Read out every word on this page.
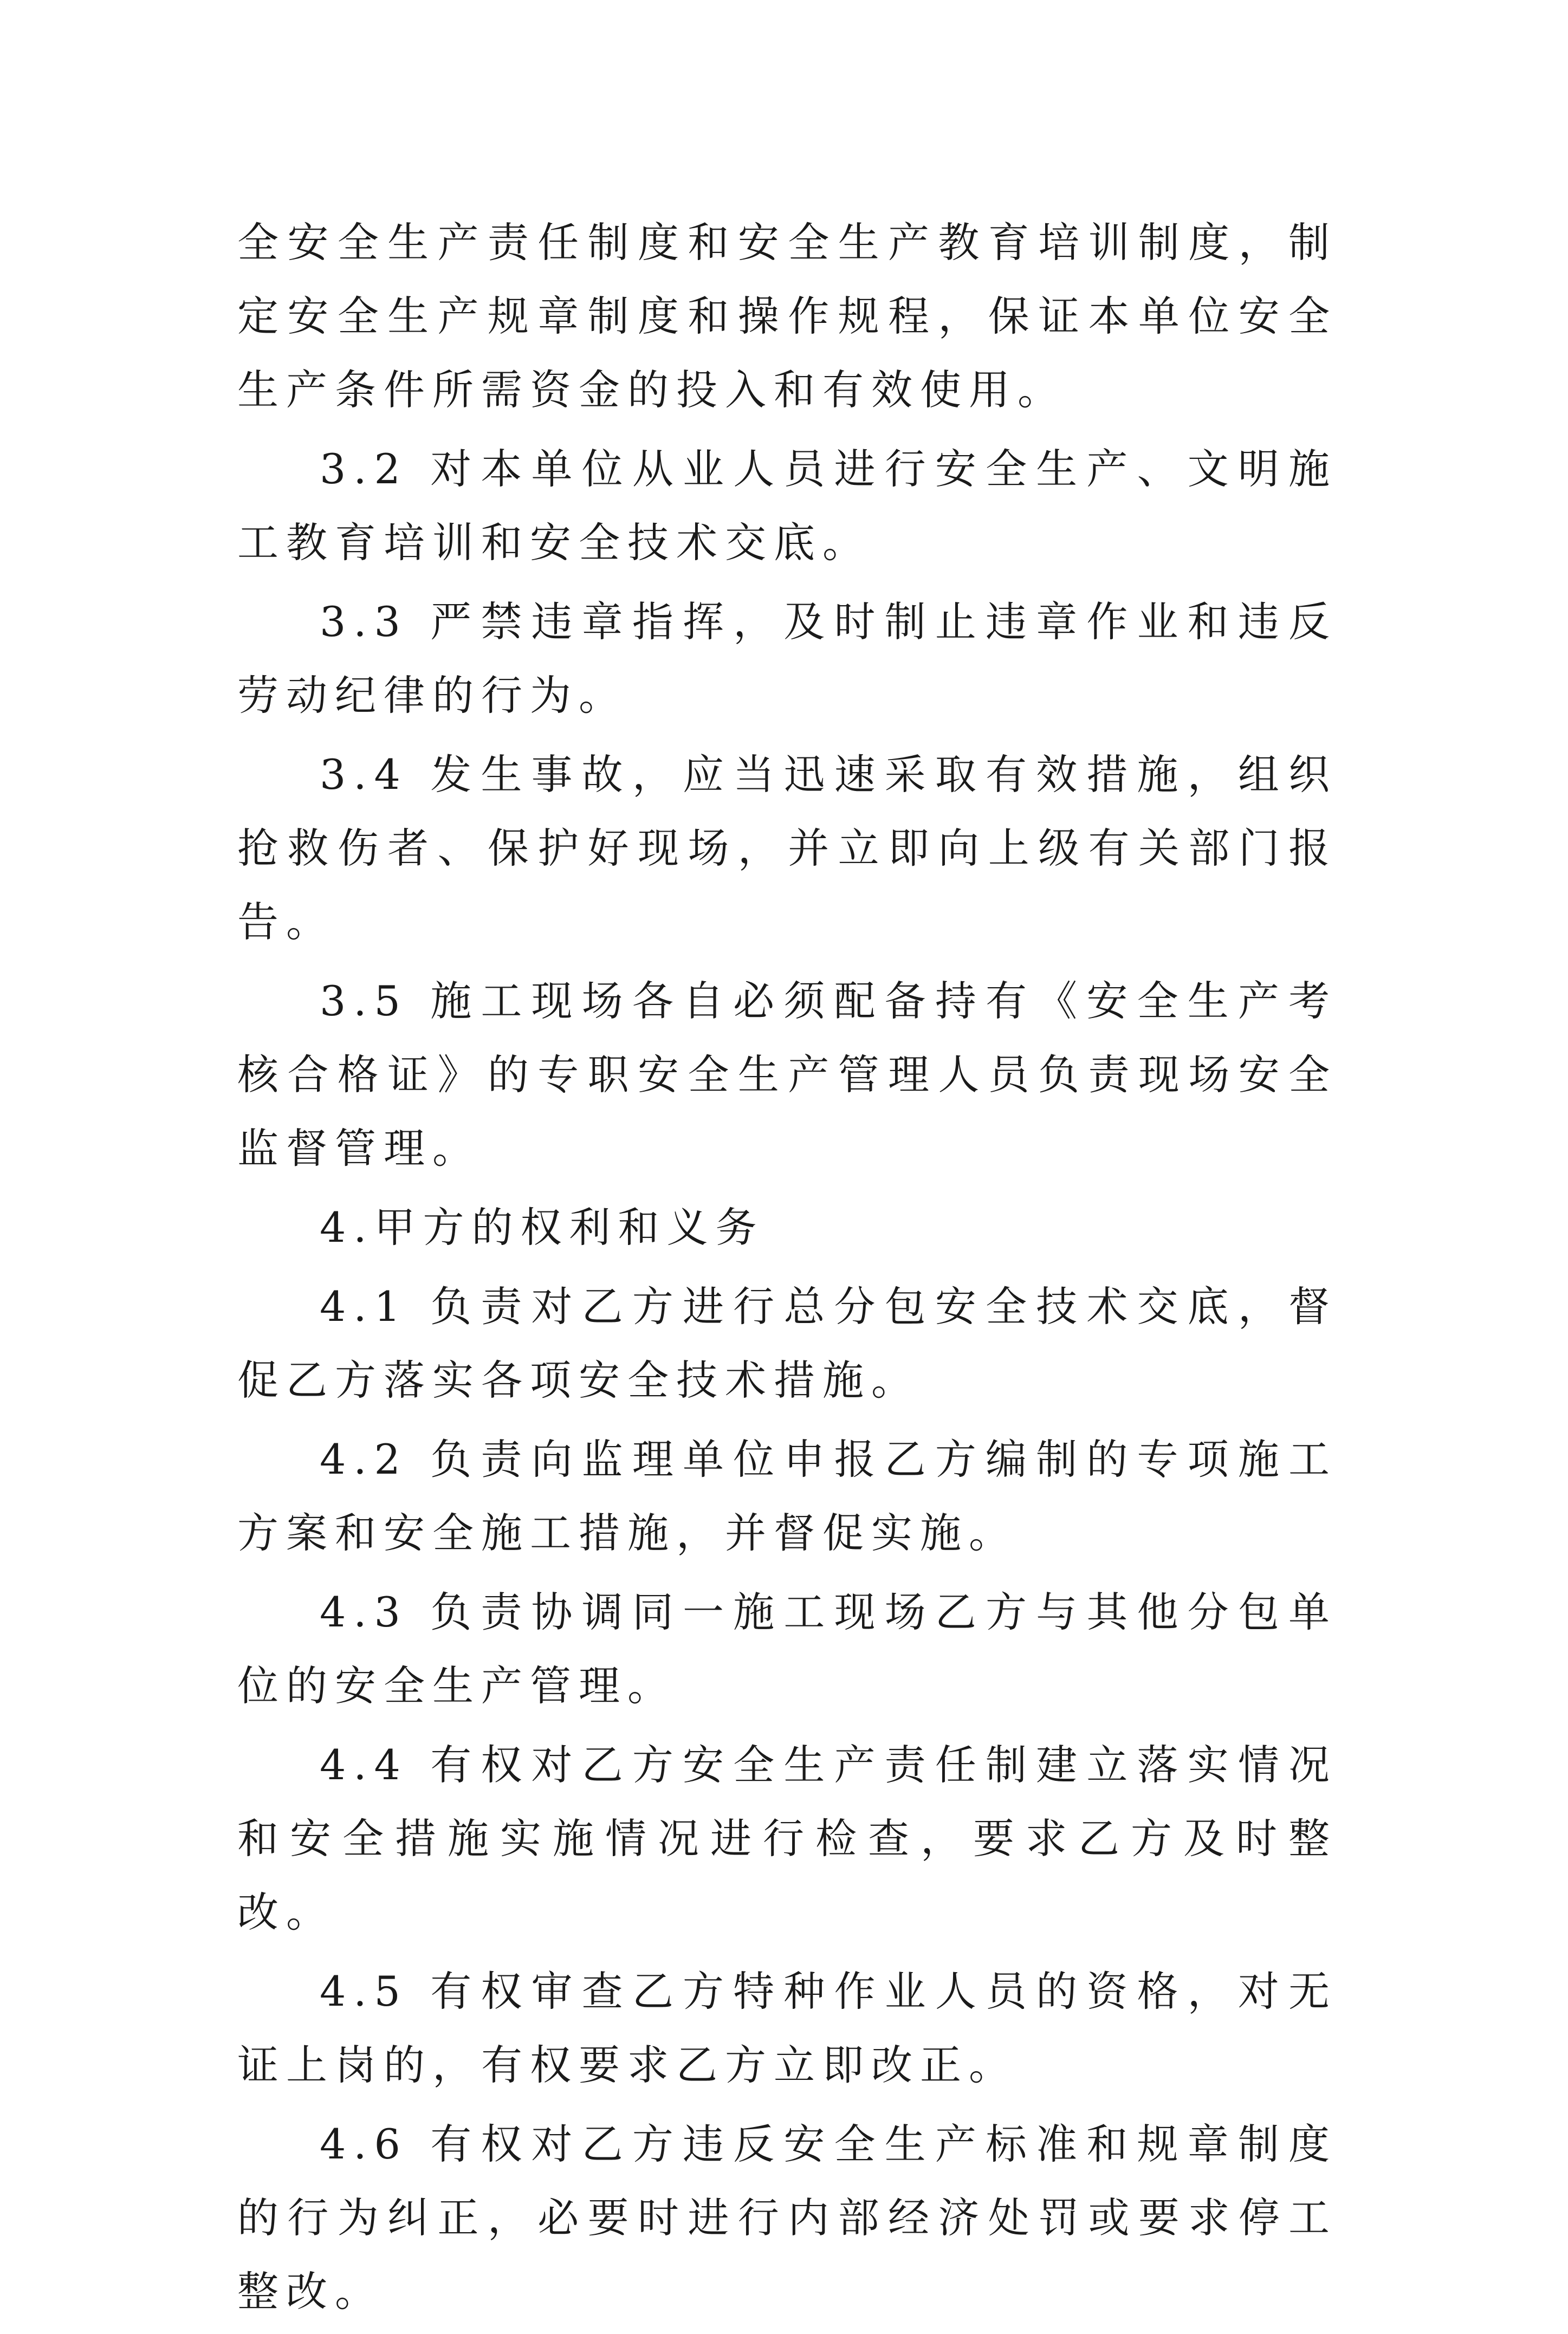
全安全生产责任制度和安全生产教育培训制度，制定安全生产规章制度和操作规程，保证本单位安全生产条件所需资金的投入和有效使用。

3.2 对本单位从业人员进行安全生产、文明施工教育培训和安全技术交底。

3.3 严禁违章指挥，及时制止违章作业和违反劳动纪律的行为。

3.4 发生事故，应当迅速采取有效措施，组织抢救伤者、保护好现场，并立即向上级有关部门报告。

3.5 施工现场各自必须配备持有《安全生产考核合格证》的专职安全生产管理人员负责现场安全监督管理。

4.甲方的权利和义务

4.1 负责对乙方进行总分包安全技术交底，督促乙方落实各项安全技术措施。

4.2 负责向监理单位申报乙方编制的专项施工方案和安全施工措施，并督促实施。

4.3 负责协调同一施工现场乙方与其他分包单位的安全生产管理。

4.4 有权对乙方安全生产责任制建立落实情况和安全措施实施情况进行检查，要求乙方及时整改。

4.5 有权审查乙方特种作业人员的资格，对无证上岗的，有权要求乙方立即改正。

4.6 有权对乙方违反安全生产标准和规章制度的行为纠正，必要时进行内部经济处罚或要求停工整改。
